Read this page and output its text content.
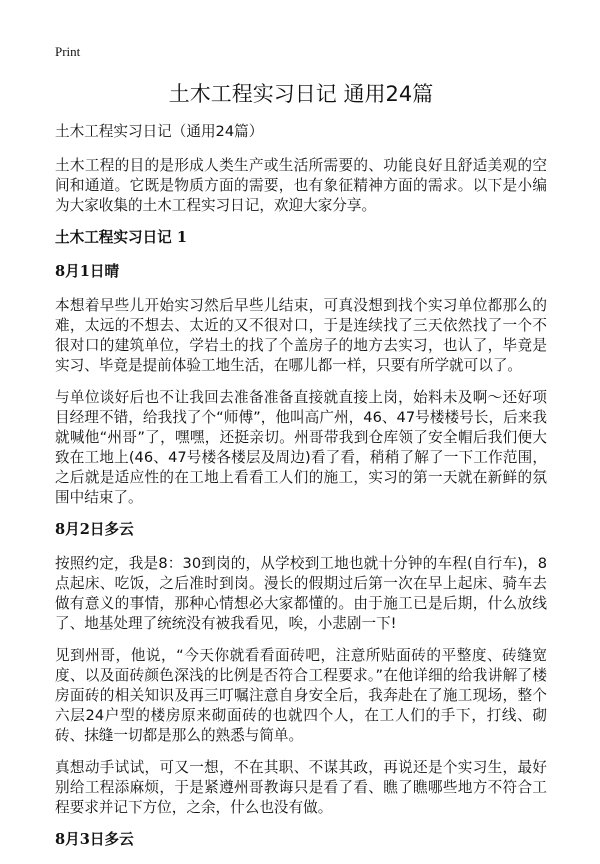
Print
土木工程实习日记 通用24篇

土木工程实习日记（通用24篇）

土木工程的目的是形成人类生产或生活所需要的、功能良好且舒适美观的空间和通道。它既是物质方面的需要，也有象征精神方面的需求。以下是小编为大家收集的土木工程实习日记，欢迎大家分享。

土木工程实习日记 1
8月1日晴

本想着早些儿开始实习然后早些儿结束，可真没想到找个实习单位都那么的难，太远的不想去、太近的又不很对口，于是连续找了三天依然找了一个不很对口的建筑单位，学岩土的找了个盖房子的地方去实习，也认了，毕竟是实习、毕竟是提前体验工地生活，在哪儿都一样，只要有所学就可以了。

与单位谈好后也不让我回去准备准备直接就直接上岗，始料未及啊～还好项目经理不错，给我找了个“师傅”，他叫高广州，46、47号楼楼号长，后来我就喊他“州哥”了，嘿嘿，还挺亲切。州哥带我到仓库领了安全帽后我们便大致在工地上(46、47号楼各楼层及周边)看了看，稍稍了解了一下工作范围，之后就是适应性的在工地上看看工人们的施工，实习的第一天就在新鲜的氛围中结束了。

8月2日多云

按照约定，我是8：30到岗的，从学校到工地也就十分钟的车程(自行车)，8点起床、吃饭，之后准时到岗。漫长的假期过后第一次在早上起床、骑车去做有意义的事情，那种心情想必大家都懂的。由于施工已是后期，什么放线了、地基处理了统统没有被我看见，唉，小悲剧一下!

见到州哥，他说，“今天你就看看面砖吧，注意所贴面砖的平整度、砖缝宽度、以及面砖颜色深浅的比例是否符合工程要求。”在他详细的给我讲解了楼房面砖的相关知识及再三叮嘱注意自身安全后，我奔赴在了施工现场，整个六层24户型的楼房原来砌面砖的也就四个人，在工人们的手下，打线、砌砖、抹缝一切都是那么的熟悉与简单。

真想动手试试，可又一想，不在其职、不谋其政，再说还是个实习生，最好别给工程添麻烦，于是紧遵州哥教诲只是看了看、瞧了瞧哪些地方不符合工程要求并记下方位，之余，什么也没有做。

8月3日多云
